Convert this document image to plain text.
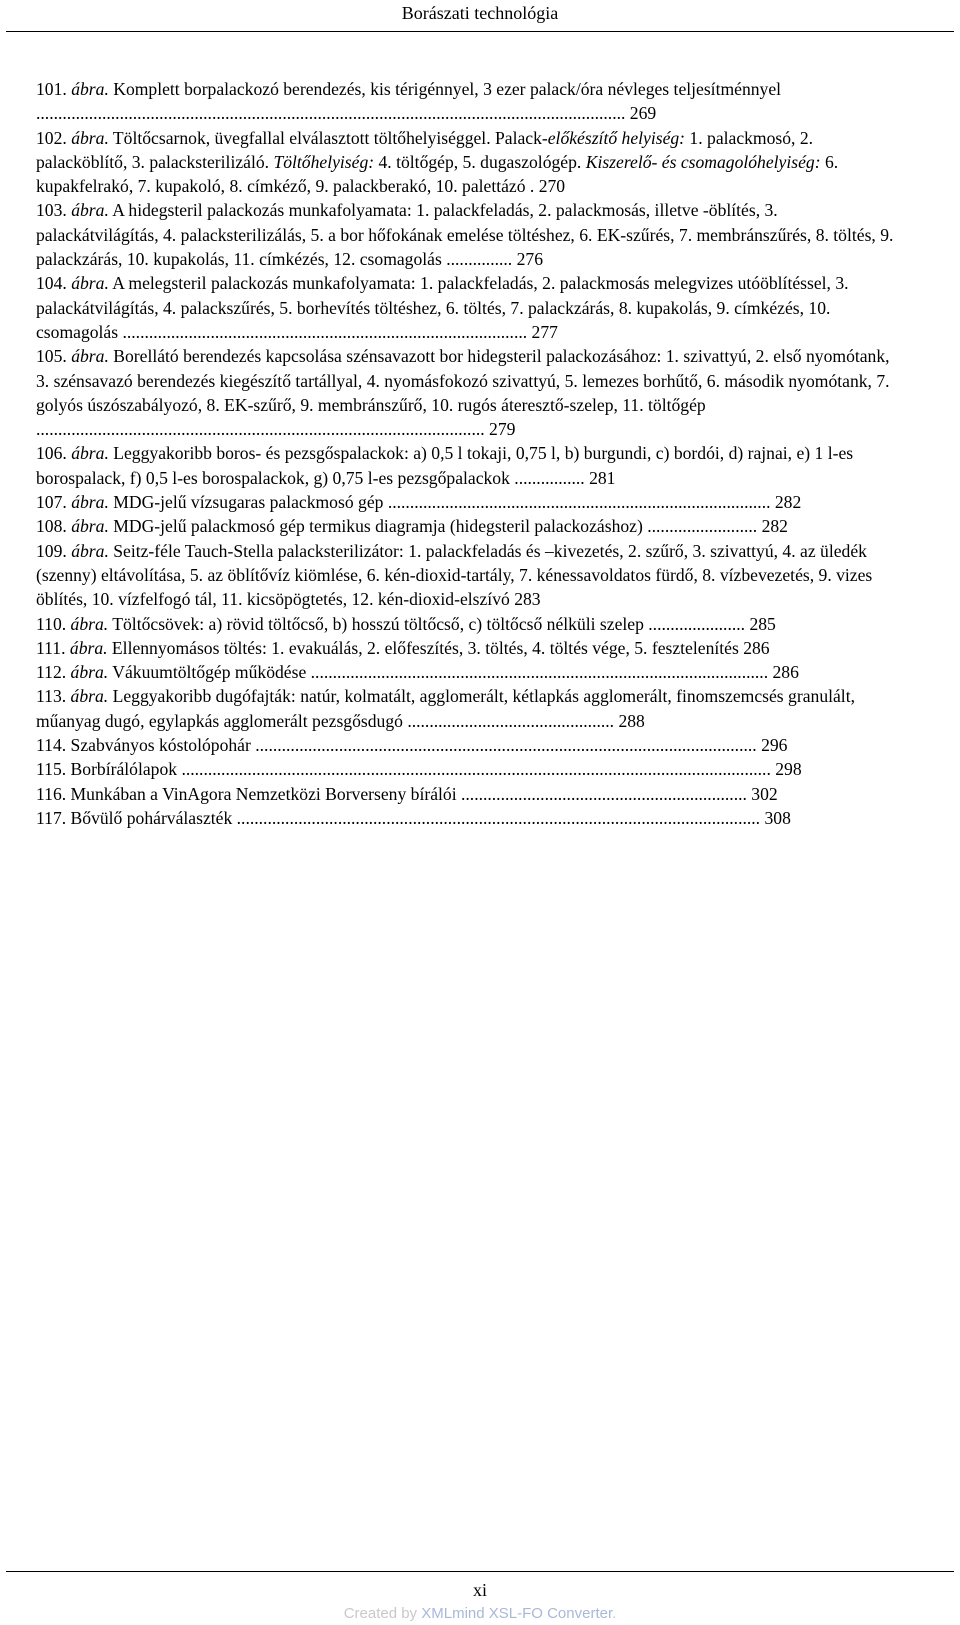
Borászati technológia
101. ábra. Komplett borpalackozó berendezés, kis térigénnyel, 3 ezer palack/óra névleges teljesítménnyel ...................................................................................................................................... 269
102. ábra. Töltőcsarnok, üvegfallal elválasztott töltőhelyiséggel. Palack-előkészítő helyiség: 1. palackmosó, 2. palacköblítő, 3. palacksterilizáló. Töltőhelyiség: 4. töltőgép, 5. dugaszológép. Kiszerelő- és csomagolóhelyiség: 6. kupakfelrakó, 7. kupakoló, 8. címkéző, 9. palackberakó, 10. palettázó . 270
103. ábra. A hidegsteril palackozás munkafolyamata: 1. palackfeladás, 2. palackmosás, illetve -öblítés, 3. palackátvilágítás, 4. palacksterilizálás, 5. a bor hőfokának emelése töltéshez, 6. EK-szűrés, 7. membránszűrés, 8. töltés, 9. palackzárás, 10. kupakolás, 11. címkézés, 12. csomagolás ............... 276
104. ábra. A melegsteril palackozás munkafolyamata: 1. palackfeladás, 2. palackmosás melegvizes utóöblítéssel, 3. palackátvilágítás, 4. palackszűrés, 5. borhevítés töltéshez, 6. töltés, 7. palackzárás, 8. kupakolás, 9. címkézés, 10. csomagolás ............................................................................................ 277
105. ábra. Borellátó berendezés kapcsolása szénsavazott bor hidegsteril palackozásához: 1. szivattyú, 2. első nyomótank, 3. szénsavazó berendezés kiegészítő tartállyal, 4. nyomásfokozó szivattyú, 5. lemezes borhűtő, 6. második nyomótank, 7. golyós úszószabályozó, 8. EK-szűrő, 9. membránszűrő, 10. rugós áteresztő-szelep, 11. töltőgép ...................................................................................................... 279
106. ábra. Leggyakoribb boros- és pezsgőspalackok: a) 0,5 l tokaji, 0,75 l, b) burgundi, c) bordói, d) rajnai, e) 1 l-es borospalack, f) 0,5 l-es borospalackok, g) 0,75 l-es pezsgőpalackok ................ 281
107. ábra. MDG-jelű vízsugaras palackmosó gép ....................................................................................... 282
108. ábra. MDG-jelű palackmosó gép termikus diagramja (hidegsteril palackozáshoz) ......................... 282
109. ábra. Seitz-féle Tauch-Stella palacksterilizátor: 1. palackfeladás és –kivezetés, 2. szűrő, 3. szivattyú, 4. az üledék (szenny) eltávolítása, 5. az öblítővíz kiömlése, 6. kén-dioxid-tartály, 7. kénessavoldatos fürdő, 8. vízbevezetés, 9. vizes öblítés, 10. vízfelfogó tál, 11. kicsöpögtetés, 12. kén-dioxid-elszívó 283
110. ábra. Töltőcsövek: a) rövid töltőcső, b) hosszú töltőcső, c) töltőcső nélküli szelep ...................... 285
111. ábra. Ellennyomásos töltés: 1. evakuálás, 2. előfeszítés, 3. töltés, 4. töltés vége, 5. fesztelenítés 286
112. ábra. Vákuumtöltőgép működése ........................................................................................................ 286
113. ábra. Leggyakoribb dugófajták: natúr, kolmatált, agglomerált, kétlapkás agglomerált, finomszemcsés granulált, műanyag dugó, egylapkás agglomerált pezsgősdugó ............................................... 288
114. Szabványos kóstolópohár .................................................................................................................. 296
115. Borbírálólapok ...................................................................................................................................... 298
116. Munkában a VinAgora Nemzetközi Borverseny bírálói ................................................................. 302
117. Bővülő pohárválaszték ....................................................................................................................... 308
xi
Created by XMLmind XSL-FO Converter.
